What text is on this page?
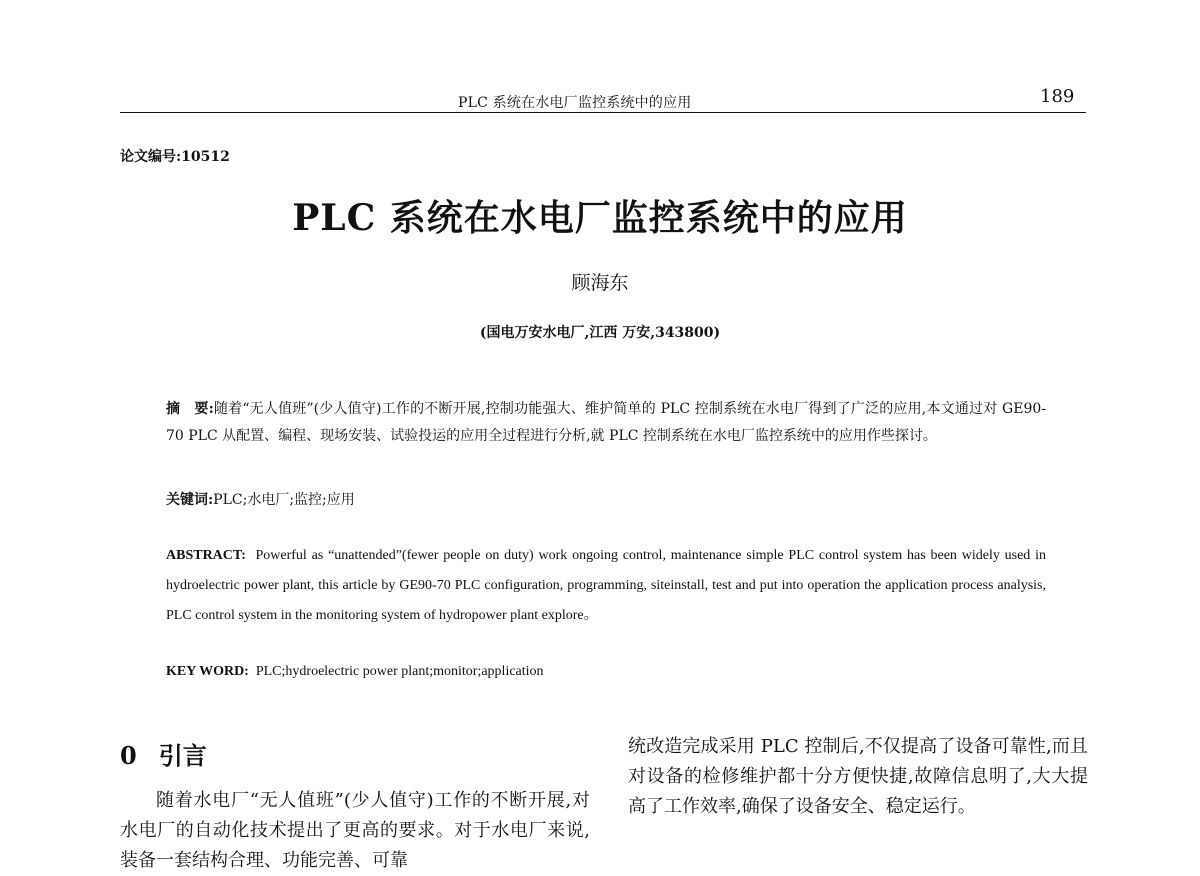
PLC 系统在水电厂监控系统中的应用	189
论文编号:10512
PLC 系统在水电厂监控系统中的应用
顾海东
(国电万安水电厂,江西 万安,343800)
摘　要:随着“无人值班”(少人值守)工作的不断开展,控制功能强大、维护简单的 PLC 控制系统在水电厂得到了广泛的应用,本文通过对 GE90-70 PLC 从配置、编程、现场安装、试验投运的应用全过程进行分析,就 PLC 控制系统在水电厂监控系统中的应用作些探讨。
关键词:PLC;水电厂;监控;应用
ABSTRACT: Powerful as “unattended”(fewer people on duty) work ongoing control, maintenance simple PLC control system has been widely used in hydroelectric power plant, this article by GE90-70 PLC configuration, programming, siteinstall, test and put into operation the application process analysis, PLC control system in the monitoring system of hydropower plant explore。
KEY WORD: PLC;hydroelectric power plant;monitor;application
0 引言
随着水电厂“无人值班”(少人值守)工作的不断开展,对水电厂的自动化技术提出了更高的要求。对于水电厂来说,装备一套结构合理、功能完善、可靠
统改造完成采用 PLC 控制后,不仅提高了设备可靠性,而且对设备的检修维护都十分方便快捷,故障信息明了,大大提高了工作效率,确保了设备安全、稳定运行。
